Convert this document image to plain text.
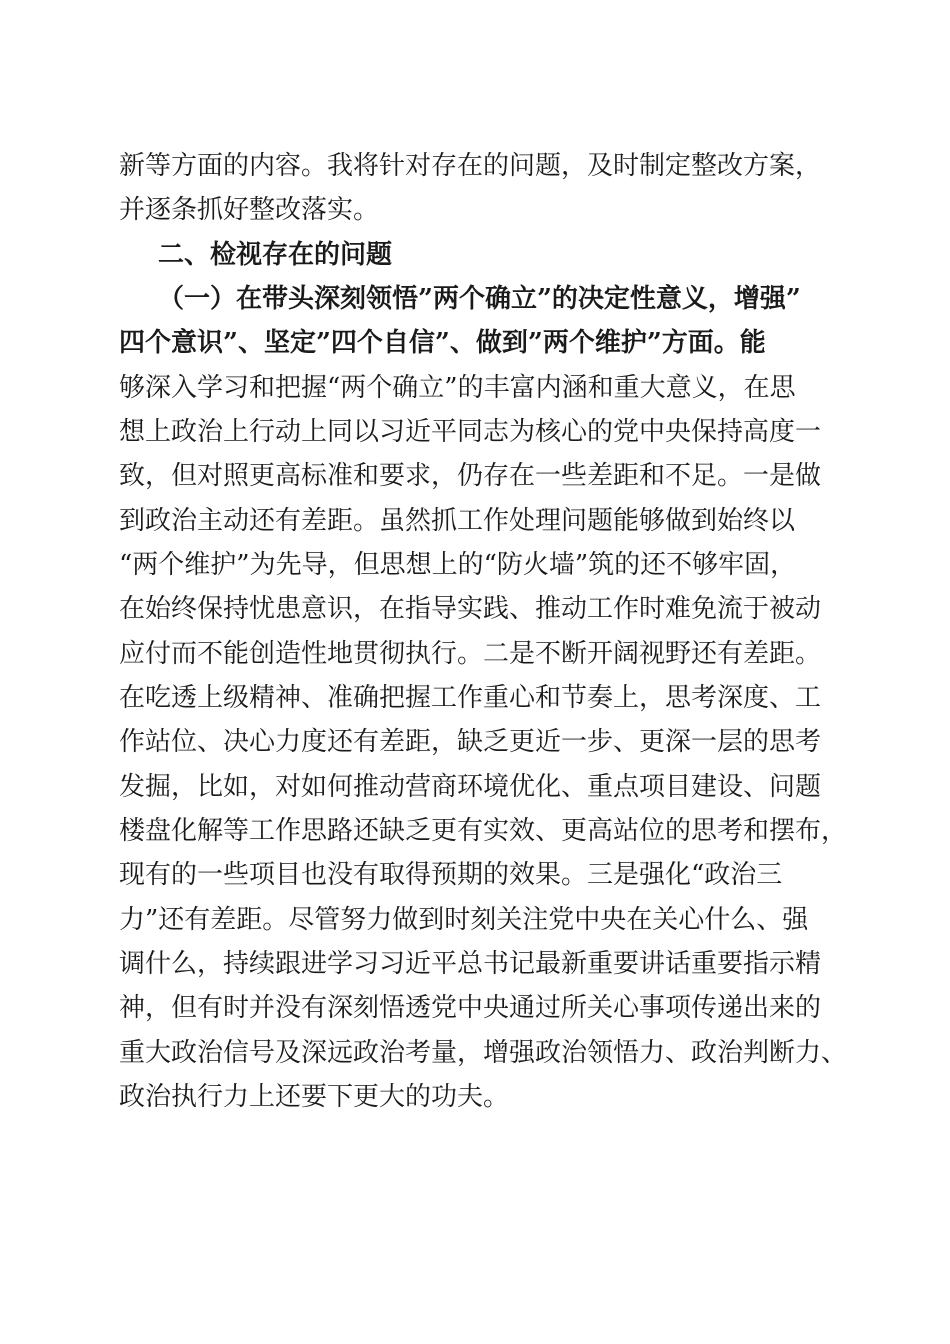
新等方面的内容。我将针对存在的问题，及时制定整改方案，
并逐条抓好整改落实。
二、检视存在的问题
（一）在带头深刻领悟”两个确立”的决定性意义，增强”
四个意识”、坚定”四个自信”、做到”两个维护”方面。能
够深入学习和把握“两个确立”的丰富内涵和重大意义，在思
想上政治上行动上同以习近平同志为核心的党中央保持高度一
致，但对照更高标准和要求，仍存在一些差距和不足。一是做
到政治主动还有差距。虽然抓工作处理问题能够做到始终以
“两个维护”为先导，但思想上的“防火墙”筑的还不够牢固，
在始终保持忧患意识，在指导实践、推动工作时难免流于被动
应付而不能创造性地贯彻执行。二是不断开阔视野还有差距。
在吃透上级精神、准确把握工作重心和节奏上，思考深度、工
作站位、决心力度还有差距，缺乏更近一步、更深一层的思考
发掘，比如，对如何推动营商环境优化、重点项目建设、问题
楼盘化解等工作思路还缺乏更有实效、更高站位的思考和摆布，
现有的一些项目也没有取得预期的效果。三是强化“政治三
力”还有差距。尽管努力做到时刻关注党中央在关心什么、强
调什么，持续跟进学习习近平总书记最新重要讲话重要指示精
神，但有时并没有深刻悟透党中央通过所关心事项传递出来的
重大政治信号及深远政治考量，增强政治领悟力、政治判断力、
政治执行力上还要下更大的功夫。
